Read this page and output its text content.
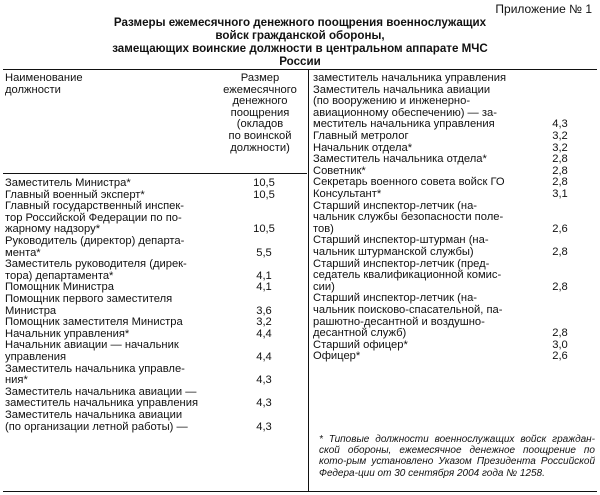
Приложение № 1
Размеры ежемесячного денежного поощрения военнослужащих
войск гражданской обороны,
замещающих воинские должности в центральном аппарате МЧС России
Наименование
должности
Размер
ежемесячного
денежного
поощрения
(окладов
по воинской
должности)
Заместитель Министра*	10,5
Главный военный эксперт*	10,5
Главный государственный инспек-
тор Российской Федерации по по-
жарному надзору*	10,5
Руководитель (директор) департа-
мента*	5,5
Заместитель руководителя (дирек-
тора) департамента*	4,1
Помощник Министра	4,1
Помощник первого заместителя
Министра	3,6
Помощник заместителя Министра	3,2
Начальник управления*	4,4
Начальник авиации — начальник
управления	4,4
Заместитель начальника управле-
ния*	4,3
Заместитель начальника авиации —
заместитель начальника управления	4,3
Заместитель начальника авиации
(по организации летной работы) —	4,3
заместитель начальника управления
Заместитель начальника авиации
(по вооружению и инженерно-
авиационному обеспечению) — за-
меститель начальника управления	4,3
Главный метролог	3,2
Начальник отдела*	3,2
Заместитель начальника отдела*	2,8
Советник*	2,8
Секретарь военного совета войск ГО	2,8
Консультант*	3,1
Старший инспектор-летчик (на-
чальник службы безопасности поле-
тов)	2,6
Старший инспектор-штурман (на-
чальник штурманской службы)	2,8
Старший инспектор-летчик (пред-
седатель квалификационной комис-
сии)	2,8
Старший инспектор-летчик (на-
чальник поисково-спасательной, па-
рашютно-десантной и воздушно-
десантной служб)	2,8
Старший офицер*	3,0
Офицер*	2,6
* Типовые должности военнослужащих войск граждан-ской обороны, ежемесячное денежное поощрение по кото-рым установлено Указом Президента Российской Федера-ции от 30 сентября 2004 года № 1258.
